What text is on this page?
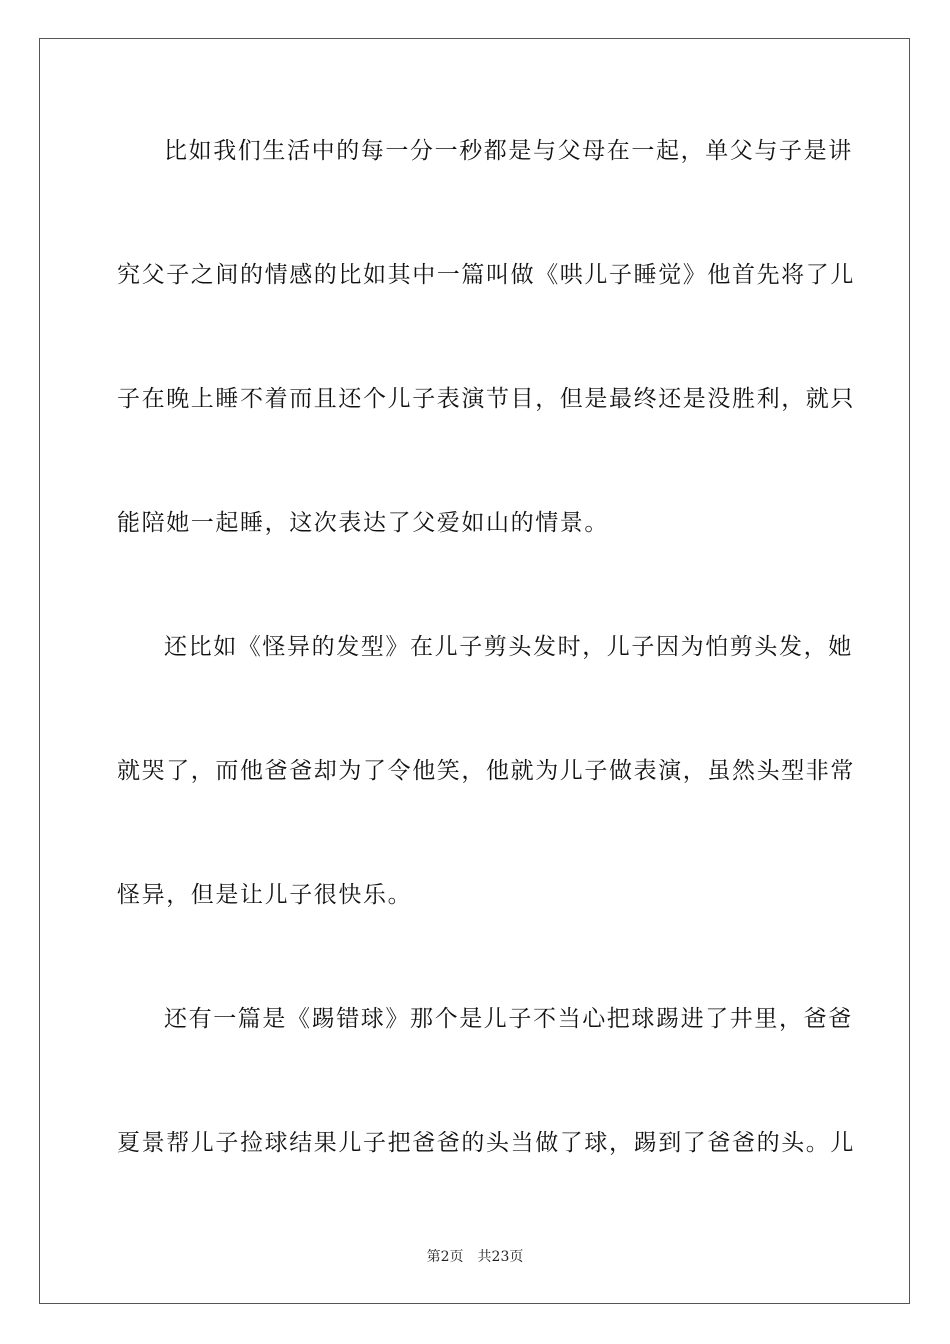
比如我们生活中的每一分一秒都是与父母在一起，单父与子是讲
究父子之间的情感的比如其中一篇叫做《哄儿子睡觉》他首先将了儿
子在晚上睡不着而且还个儿子表演节目，但是最终还是没胜利，就只
能陪她一起睡，这次表达了父爱如山的情景。
还比如《怪异的发型》在儿子剪头发时，儿子因为怕剪头发，她
就哭了，而他爸爸却为了令他笑，他就为儿子做表演，虽然头型非常
怪异，但是让儿子很快乐。
还有一篇是《踢错球》那个是儿子不当心把球踢进了井里，爸爸
夏景帮儿子捡球结果儿子把爸爸的头当做了球，踢到了爸爸的头。儿
第2页 共23页
